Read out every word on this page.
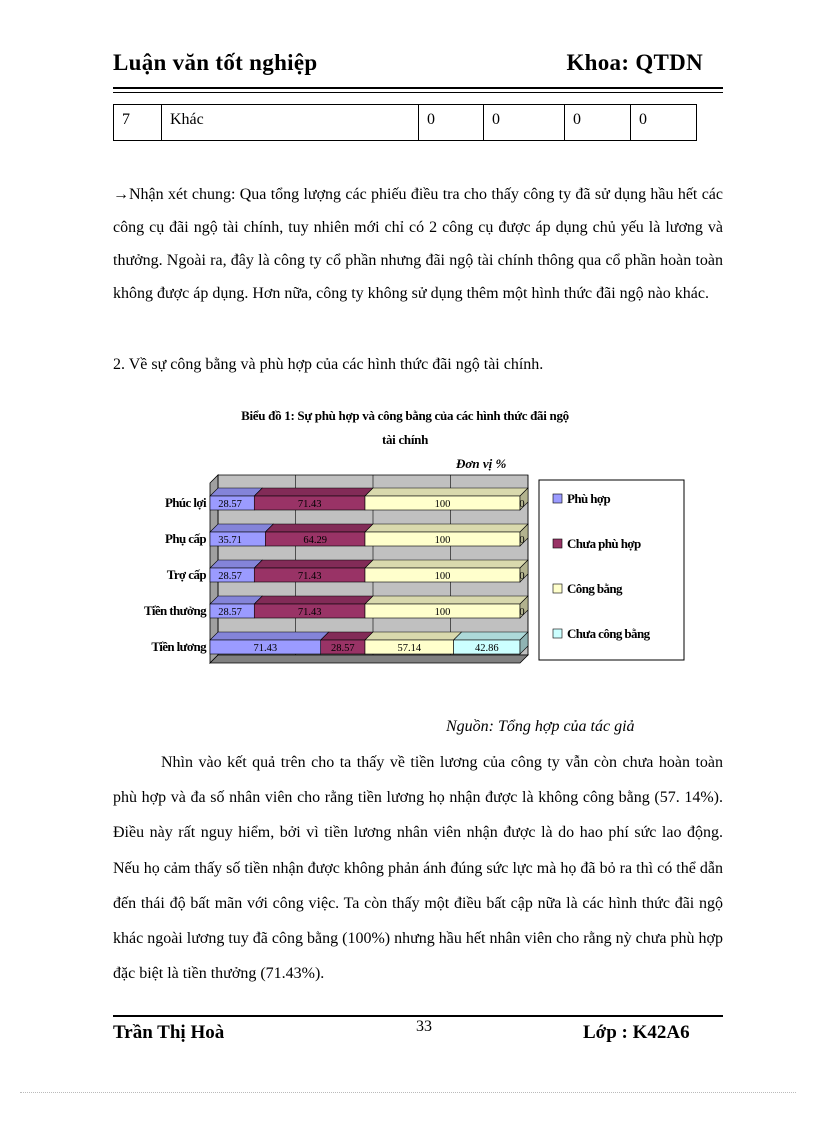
Luận văn tốt nghiệp	Khoa: QTDN
7	Khác	0	0	0	0
→Nhận xét chung: Qua tổng lượng các phiếu điều tra cho thấy công ty đã sử dụng hầu hết các công cụ đãi ngộ tài chính, tuy nhiên mới chỉ có 2 công cụ được áp dụng chủ yếu là lương và thưởng. Ngoài ra, đây là công ty cổ phần nhưng đãi ngộ tài chính thông qua cổ phần hoàn toàn không được áp dụng. Hơn nữa, công ty không sử dụng thêm một hình thức đãi ngộ nào khác.
2. Về sự công bằng và phù hợp của các hình thức đãi ngộ tài chính.
Biểu đồ 1: Sự phù hợp và công bằng của các hình thức đãi ngộ
tài chính
Đơn vị %
28.57	71.43	100	0
Phúc lợi
35.71	64.29	100	0
Phụ cấp
28.57	71.43	100	0
Trợ cấp
28.57	71.43	100	0
Tiền thưởng
71.43	28.57	57.14	42.86
Tiền lương
Phù hợp
Chưa phù hợp
Công bằng
Chưa công bằng
Nguồn: Tổng hợp của tác giả
Nhìn vào kết quả trên cho ta thấy về tiền lương của công ty vẫn còn chưa hoàn toàn phù hợp và đa số nhân viên cho rằng tiền lương họ nhận được là không công bằng (57. 14%). Điều này rất nguy hiểm, bởi vì tiền lương nhân viên nhận được là do hao phí sức lao động. Nếu họ cảm thấy số tiền nhận được không phản ánh đúng sức lực mà họ đã bỏ ra thì có thể dẫn đến thái độ bất mãn với công việc. Ta còn thấy một điều bất cập nữa là các hình thức đãi ngộ khác ngoài lương tuy đã công bằng (100%) nhưng hầu hết nhân viên cho rằng nỳ chưa phù hợp đặc biệt là tiền thưởng (71.43%).
Trần Thị Hoà	33	Lớp : K42A6
